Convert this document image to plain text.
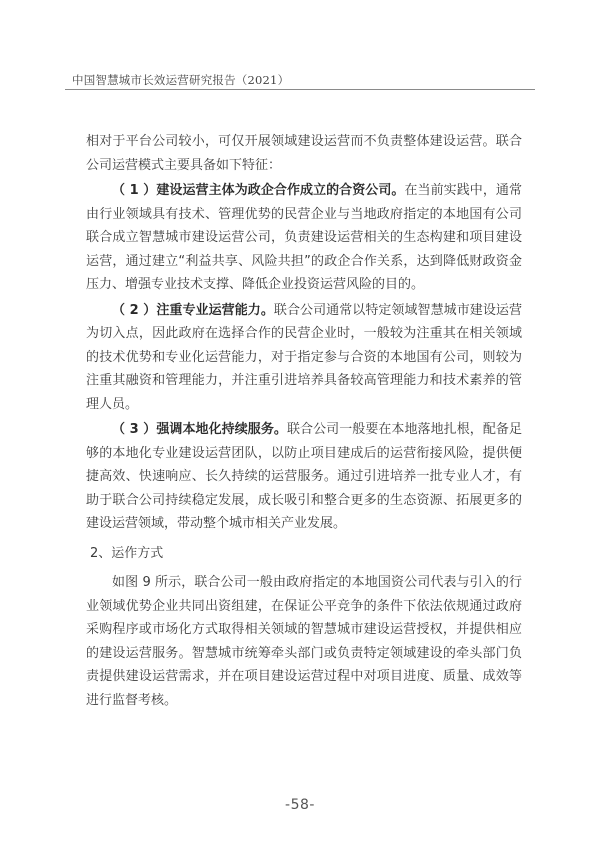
中国智慧城市长效运营研究报告（2021）

相对于平台公司较小，可仅开展领域建设运营而不负责整体建设运营。联合公司运营模式主要具备如下特征：

（ 1 ）建设运营主体为政企合作成立的合资公司。在当前实践中，通常由行业领域具有技术、管理优势的民营企业与当地政府指定的本地国有公司联合成立智慧城市建设运营公司，负责建设运营相关的生态构建和项目建设运营，通过建立“利益共享、风险共担”的政企合作关系，达到降低财政资金压力、增强专业技术支撑、降低企业投资运营风险的目的。

（ 2 ）注重专业运营能力。联合公司通常以特定领域智慧城市建设运营为切入点，因此政府在选择合作的民营企业时，一般较为注重其在相关领域的技术优势和专业化运营能力，对于指定参与合资的本地国有公司，则较为注重其融资和管理能力，并注重引进培养具备较高管理能力和技术素养的管理人员。

（ 3 ）强调本地化持续服务。联合公司一般要在本地落地扎根，配备足够的本地化专业建设运营团队，以防止项目建成后的运营衔接风险，提供便捷高效、快速响应、长久持续的运营服务。通过引进培养一批专业人才，有助于联合公司持续稳定发展，成长吸引和整合更多的生态资源、拓展更多的建设运营领域，带动整个城市相关产业发展。

2、运作方式

如图 9 所示，联合公司一般由政府指定的本地国资公司代表与引入的行业领域优势企业共同出资组建，在保证公平竞争的条件下依法依规通过政府采购程序或市场化方式取得相关领域的智慧城市建设运营授权，并提供相应的建设运营服务。智慧城市统筹牵头部门或负责特定领域建设的牵头部门负责提供建设运营需求，并在项目建设运营过程中对项目进度、质量、成效等进行监督考核。

-58-
